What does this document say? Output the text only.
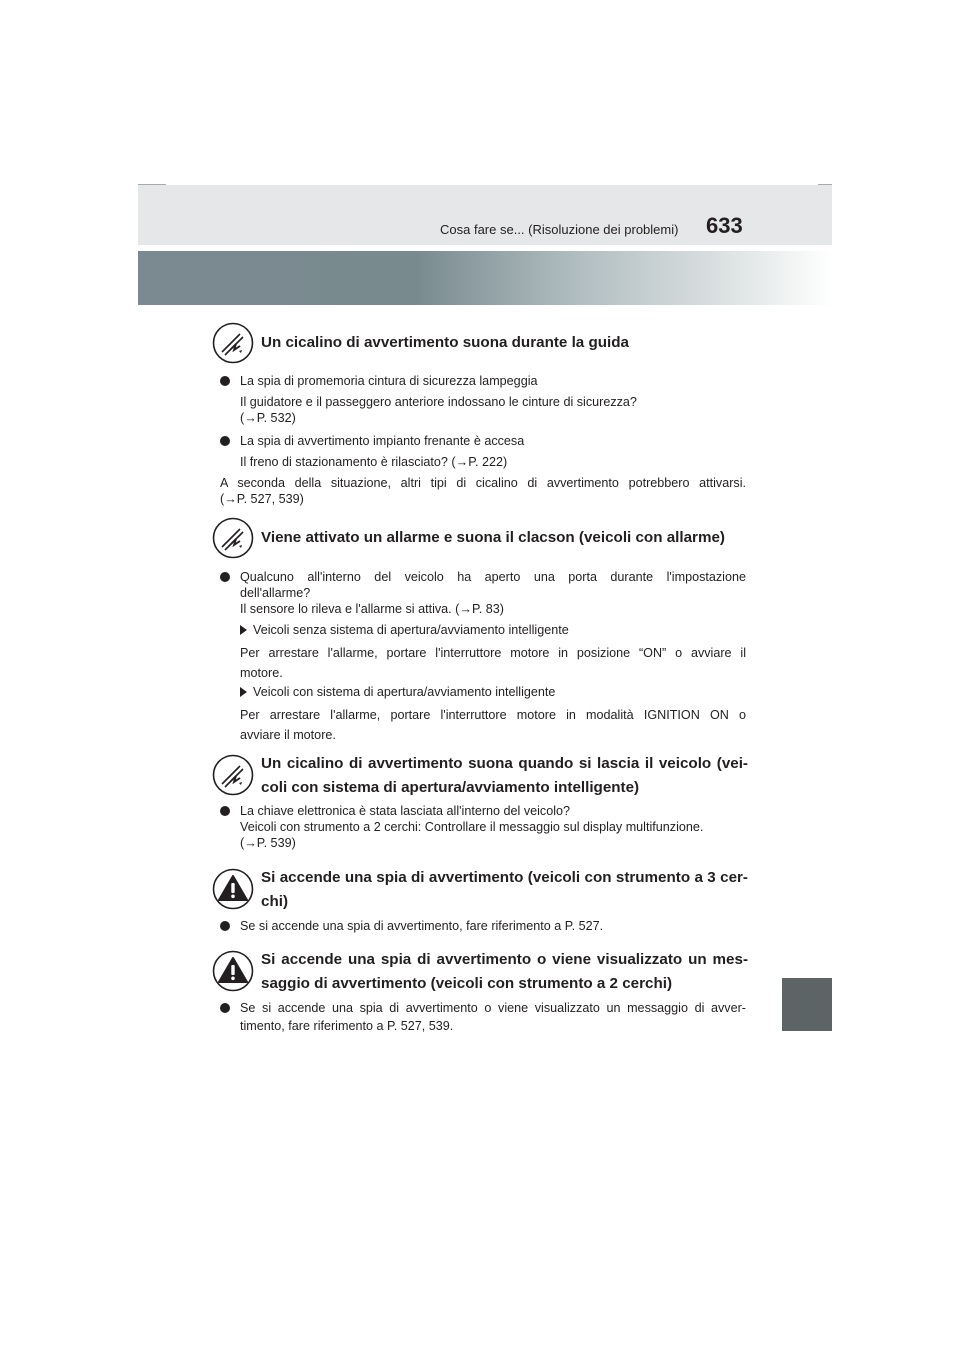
Cosa fare se... (Risoluzione dei problemi) 633
Un cicalino di avvertimento suona durante la guida
La spia di promemoria cintura di sicurezza lampeggia
Il guidatore e il passeggero anteriore indossano le cinture di sicurezza?
(→P. 532)
La spia di avvertimento impianto frenante è accesa
Il freno di stazionamento è rilasciato? (→P. 222)
A seconda della situazione, altri tipi di cicalino di avvertimento potrebbero attivarsi.
(→P. 527, 539)
Viene attivato un allarme e suona il clacson (veicoli con allarme)
Qualcuno all'interno del veicolo ha aperto una porta durante l'impostazione
dell'allarme?
Il sensore lo rileva e l'allarme si attiva. (→P. 83)
Veicoli senza sistema di apertura/avviamento intelligente
Per arrestare l'allarme, portare l'interruttore motore in posizione “ON” o avviare il
motore.
Veicoli con sistema di apertura/avviamento intelligente
Per arrestare l'allarme, portare l'interruttore motore in modalità IGNITION ON o
avviare il motore.
Un cicalino di avvertimento suona quando si lascia il veicolo (vei-
coli con sistema di apertura/avviamento intelligente)
La chiave elettronica è stata lasciata all'interno del veicolo?
Veicoli con strumento a 2 cerchi: Controllare il messaggio sul display multifunzione.
(→P. 539)
Si accende una spia di avvertimento (veicoli con strumento a 3 cer-
chi)
Se si accende una spia di avvertimento, fare riferimento a P. 527.
Si accende una spia di avvertimento o viene visualizzato un mes-
saggio di avvertimento (veicoli con strumento a 2 cerchi)
Se si accende una spia di avvertimento o viene visualizzato un messaggio di avver-
timento, fare riferimento a P. 527, 539.
